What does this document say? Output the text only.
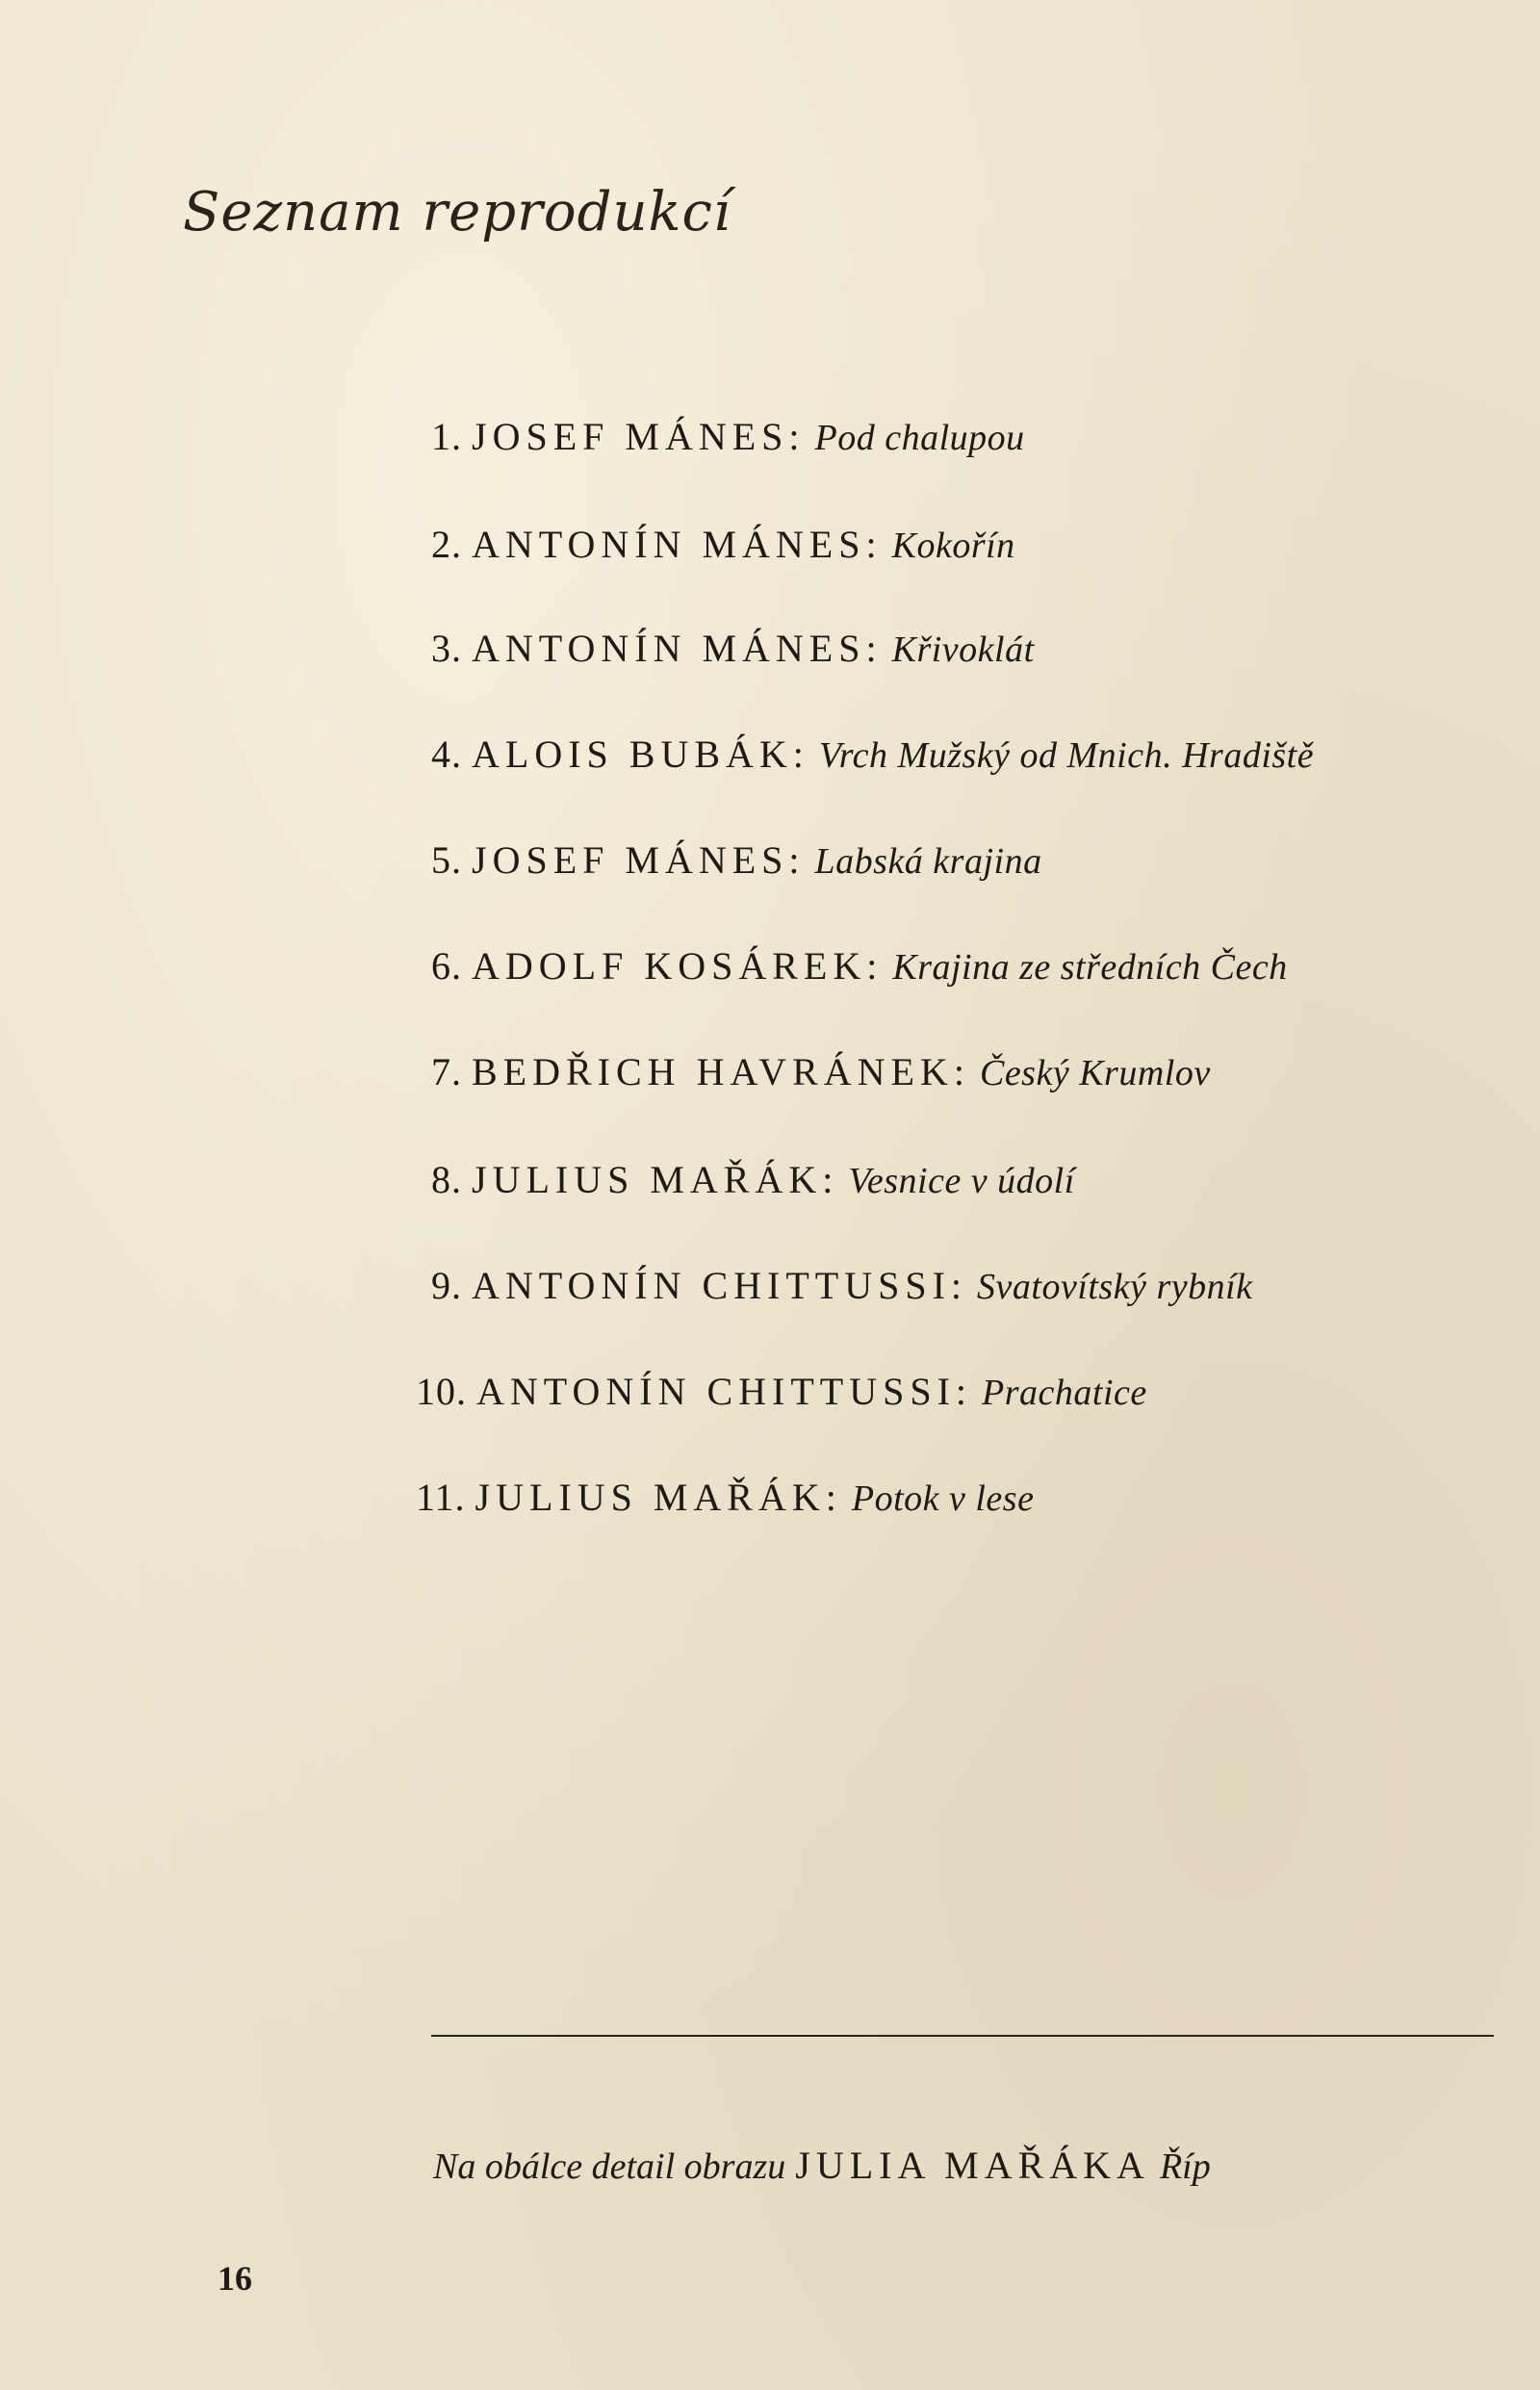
Seznam reprodukcí
1. JOSEF MÁNES: Pod chalupou
2. ANTONÍN MÁNES: Kokořín
3. ANTONÍN MÁNES: Křivoklát
4. ALOIS BUBÁK: Vrch Mužský od Mnich. Hradiště
5. JOSEF MÁNES: Labská krajina
6. ADOLF KOSÁREK: Krajina ze středních Čech
7. BEDŘICH HAVRÁNEK: Český Krumlov
8. JULIUS MAŘÁK: Vesnice v údolí
9. ANTONÍN CHITTUSSI: Svatovítský rybník
10. ANTONÍN CHITTUSSI: Prachatice
11. JULIUS MAŘÁK: Potok v lese
Na obálce detail obrazu JULIA MAŘÁKA Říp
16
